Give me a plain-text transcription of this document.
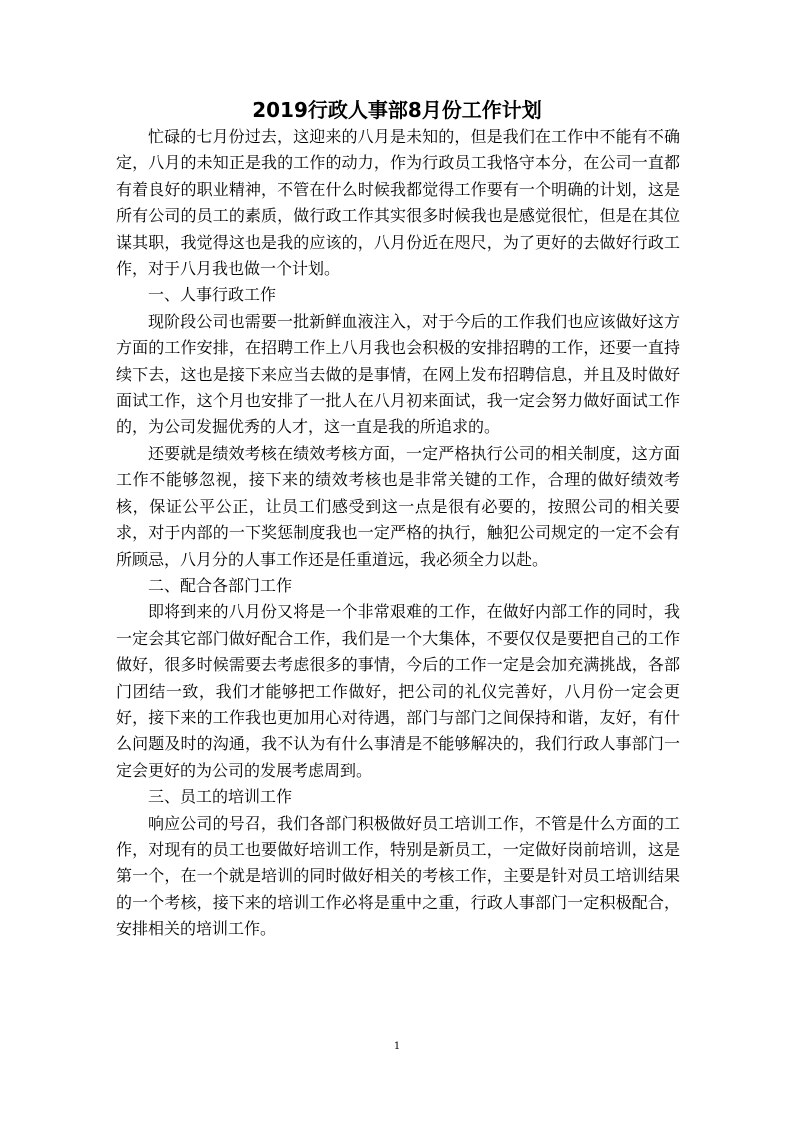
2019行政人事部8月份工作计划

忙碌的七月份过去，这迎来的八月是未知的，但是我们在工作中不能有不确定，八月的未知正是我的工作的动力，作为行政员工我恪守本分，在公司一直都有着良好的职业精神，不管在什么时候我都觉得工作要有一个明确的计划，这是所有公司的员工的素质，做行政工作其实很多时候我也是感觉很忙，但是在其位谋其职，我觉得这也是我的应该的，八月份近在咫尺，为了更好的去做好行政工作，对于八月我也做一个计划。

一、人事行政工作

现阶段公司也需要一批新鲜血液注入，对于今后的工作我们也应该做好这方方面的工作安排，在招聘工作上八月我也会积极的安排招聘的工作，还要一直持续下去，这也是接下来应当去做的是事情，在网上发布招聘信息，并且及时做好面试工作，这个月也安排了一批人在八月初来面试，我一定会努力做好面试工作的，为公司发掘优秀的人才，这一直是我的所追求的。

还要就是绩效考核在绩效考核方面，一定严格执行公司的相关制度，这方面工作不能够忽视，接下来的绩效考核也是非常关键的工作，合理的做好绩效考核，保证公平公正，让员工们感受到这一点是很有必要的，按照公司的相关要求，对于内部的一下奖惩制度我也一定严格的执行，触犯公司规定的一定不会有所顾忌，八月分的人事工作还是任重道远，我必须全力以赴。

二、配合各部门工作

即将到来的八月份又将是一个非常艰难的工作，在做好内部工作的同时，我一定会其它部门做好配合工作，我们是一个大集体，不要仅仅是要把自己的工作做好，很多时候需要去考虑很多的事情，今后的工作一定是会加充满挑战，各部门团结一致，我们才能够把工作做好，把公司的礼仪完善好，八月份一定会更好，接下来的工作我也更加用心对待遇，部门与部门之间保持和谐，友好，有什么问题及时的沟通，我不认为有什么事清是不能够解决的，我们行政人事部门一定会更好的为公司的发展考虑周到。

三、员工的培训工作

响应公司的号召，我们各部门积极做好员工培训工作，不管是什么方面的工作，对现有的员工也要做好培训工作，特别是新员工，一定做好岗前培训，这是第一个，在一个就是培训的同时做好相关的考核工作，主要是针对员工培训结果的一个考核，接下来的培训工作必将是重中之重，行政人事部门一定积极配合，安排相关的培训工作。

1
